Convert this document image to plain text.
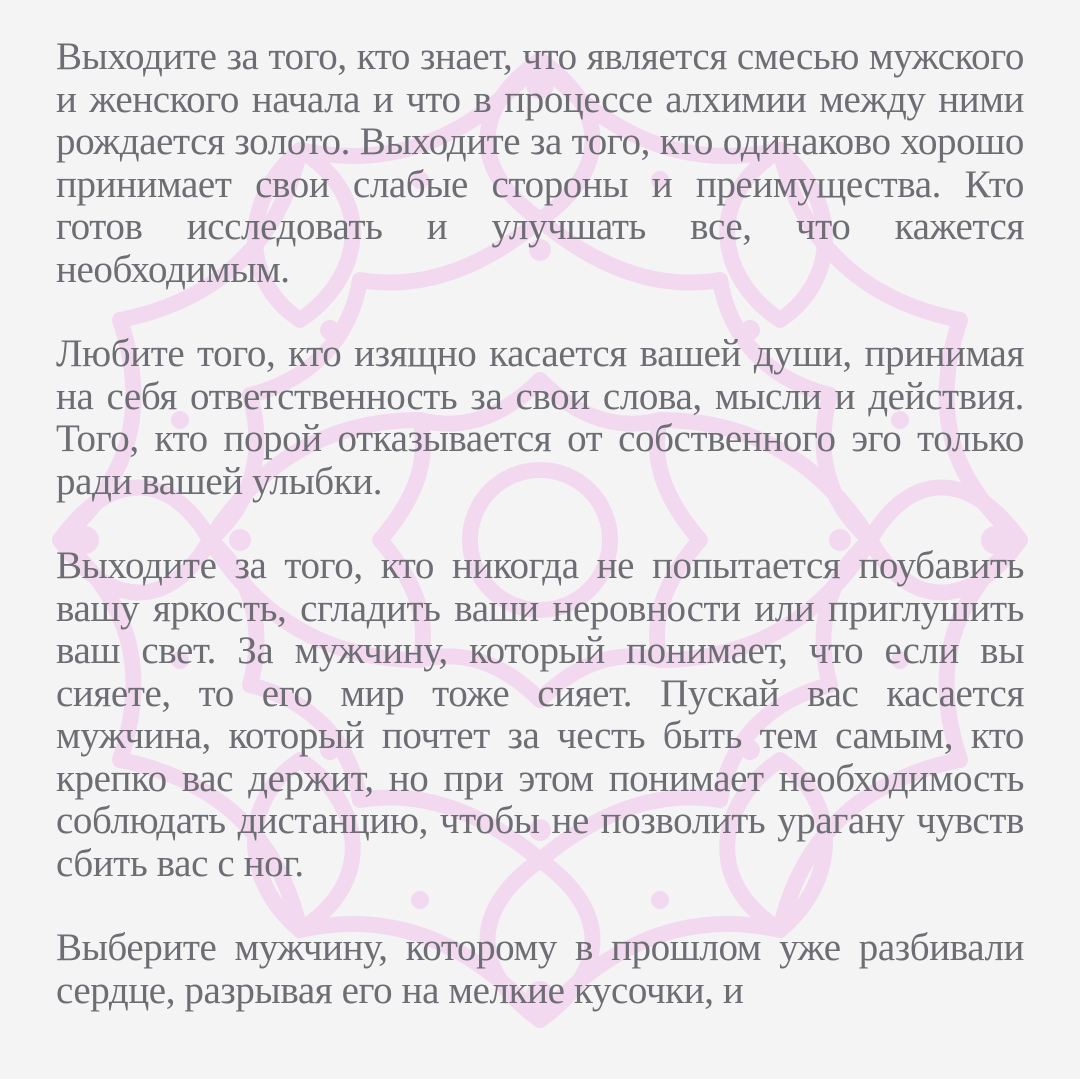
Выходите за того, кто знает, что является смесью мужского и женского начала и что в процессе алхимии между ними рождается золото. Выходите за того, кто одинаково хорошо принимает свои слабые стороны и преимущества. Кто готов исследовать и улучшать все, что кажется необходимым.

Любите того, кто изящно касается вашей души, принимая на себя ответственность за свои слова, мысли и действия. Того, кто порой отказывается от собственного эго только ради вашей улыбки.

Выходите за того, кто никогда не попытается поубавить вашу яркость, сгладить ваши неровности или приглушить ваш свет. За мужчину, который понимает, что если вы сияете, то его мир тоже сияет. Пускай вас касается мужчина, который почтет за честь быть тем самым, кто крепко вас держит, но при этом понимает необходимость соблюдать дистанцию, чтобы не позволить урагану чувств сбить вас с ног.

Выберите мужчину, которому в прошлом уже разбивали сердце, разрывая его на мелкие кусочки, и
